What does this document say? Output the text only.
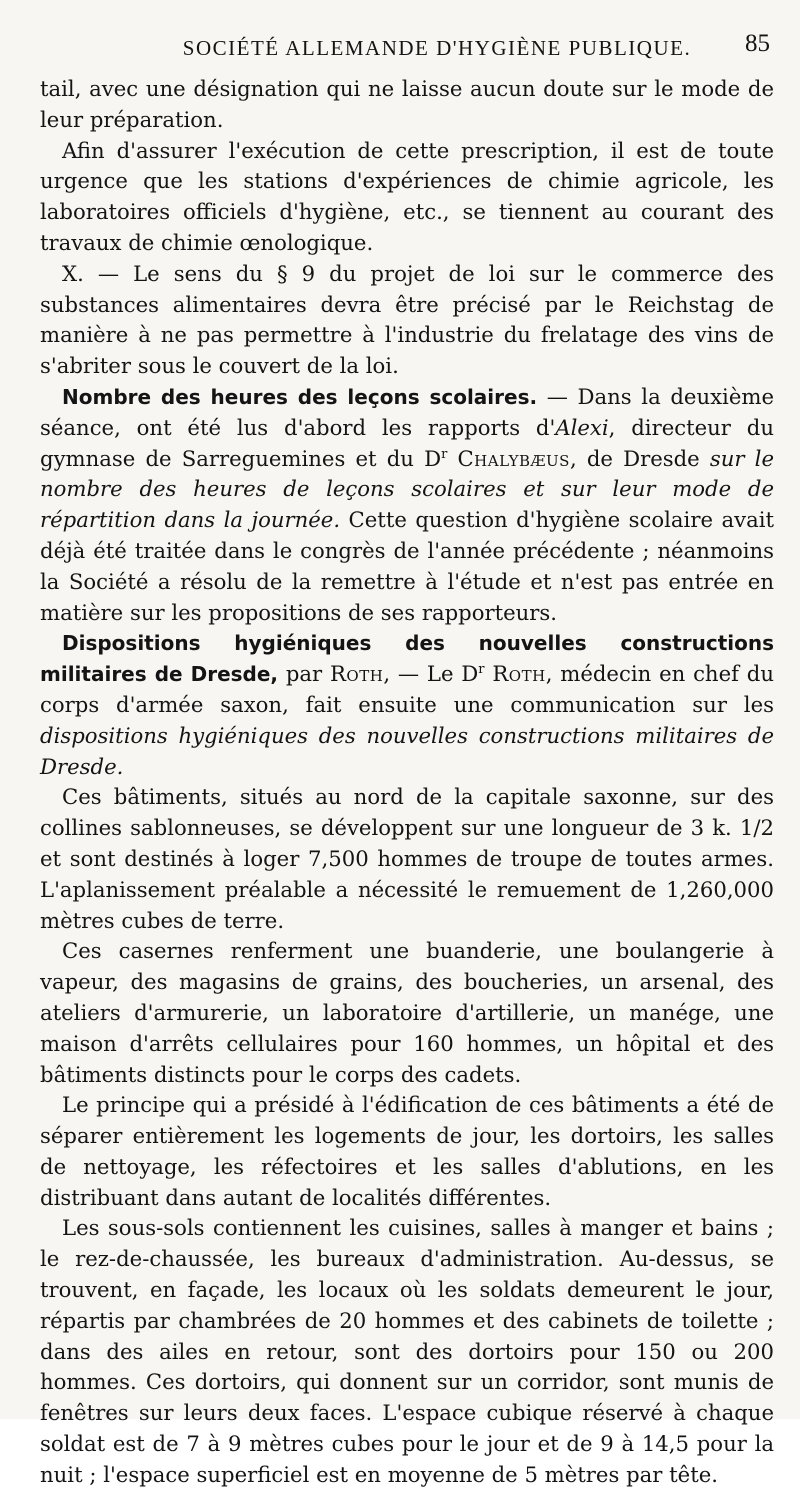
SOCIÉTÉ ALLEMANDE D'HYGIÈNE PUBLIQUE. 85

tail, avec une désignation qui ne laisse aucun doute sur le mode de leur préparation.

Afin d'assurer l'exécution de cette prescription, il est de toute urgence que les stations d'expériences de chimie agricole, les laboratoires officiels d'hygiène, etc., se tiennent au courant des travaux de chimie œnologique.

X. — Le sens du § 9 du projet de loi sur le commerce des substances alimentaires devra être précisé par le Reichstag de manière à ne pas permettre à l'industrie du frelatage des vins de s'abriter sous le couvert de la loi.

Nombre des heures des leçons scolaires. — Dans la deuxième séance, ont été lus d'abord les rapports d'Alexi, directeur du gymnase de Sarreguemines et du $D^r$ Chalybæus, de Dresde sur le nombre des heures de leçons scolaires et sur leur mode de répartition dans la journée. Cette question d'hygiène scolaire avait déjà été traitée dans le congrès de l'année précédente ; néanmoins la Société a résolu de la remettre à l'étude et n'est pas entrée en matière sur les propositions de ses rapporteurs.

Dispositions hygiéniques des nouvelles constructions militaires de Dresde, par Roth, — Le $D^r$ Roth, médecin en chef du corps d'armée saxon, fait ensuite une communication sur les dispositions hygiéniques des nouvelles constructions militaires de Dresde.

Ces bâtiments, situés au nord de la capitale saxonne, sur des collines sablonneuses, se développent sur une longueur de 3 k. 1/2 et sont destinés à loger 7,500 hommes de troupe de toutes armes. L'aplanissement préalable a nécessité le remuement de 1,260,000 mètres cubes de terre.

Ces casernes renferment une buanderie, une boulangerie à vapeur, des magasins de grains, des boucheries, un arsenal, des ateliers d'armurerie, un laboratoire d'artillerie, un manége, une maison d'arrêts cellulaires pour 160 hommes, un hôpital et des bâtiments distincts pour le corps des cadets.

Le principe qui a présidé à l'édification de ces bâtiments a été de séparer entièrement les logements de jour, les dortoirs, les salles de nettoyage, les réfectoires et les salles d'ablutions, en les distribuant dans autant de localités différentes.

Les sous-sols contiennent les cuisines, salles à manger et bains ; le rez-de-chaussée, les bureaux d'administration. Au-dessus, se trouvent, en façade, les locaux où les soldats demeurent le jour, répartis par chambrées de 20 hommes et des cabinets de toilette ; dans des ailes en retour, sont des dortoirs pour 150 ou 200 hommes. Ces dortoirs, qui donnent sur un corridor, sont munis de fenêtres sur leurs deux faces. L'espace cubique réservé à chaque soldat est de 7 à 9 mètres cubes pour le jour et de 9 à 14,5 pour la nuit ; l'espace superficiel est en moyenne de 5 mètres par tête.
